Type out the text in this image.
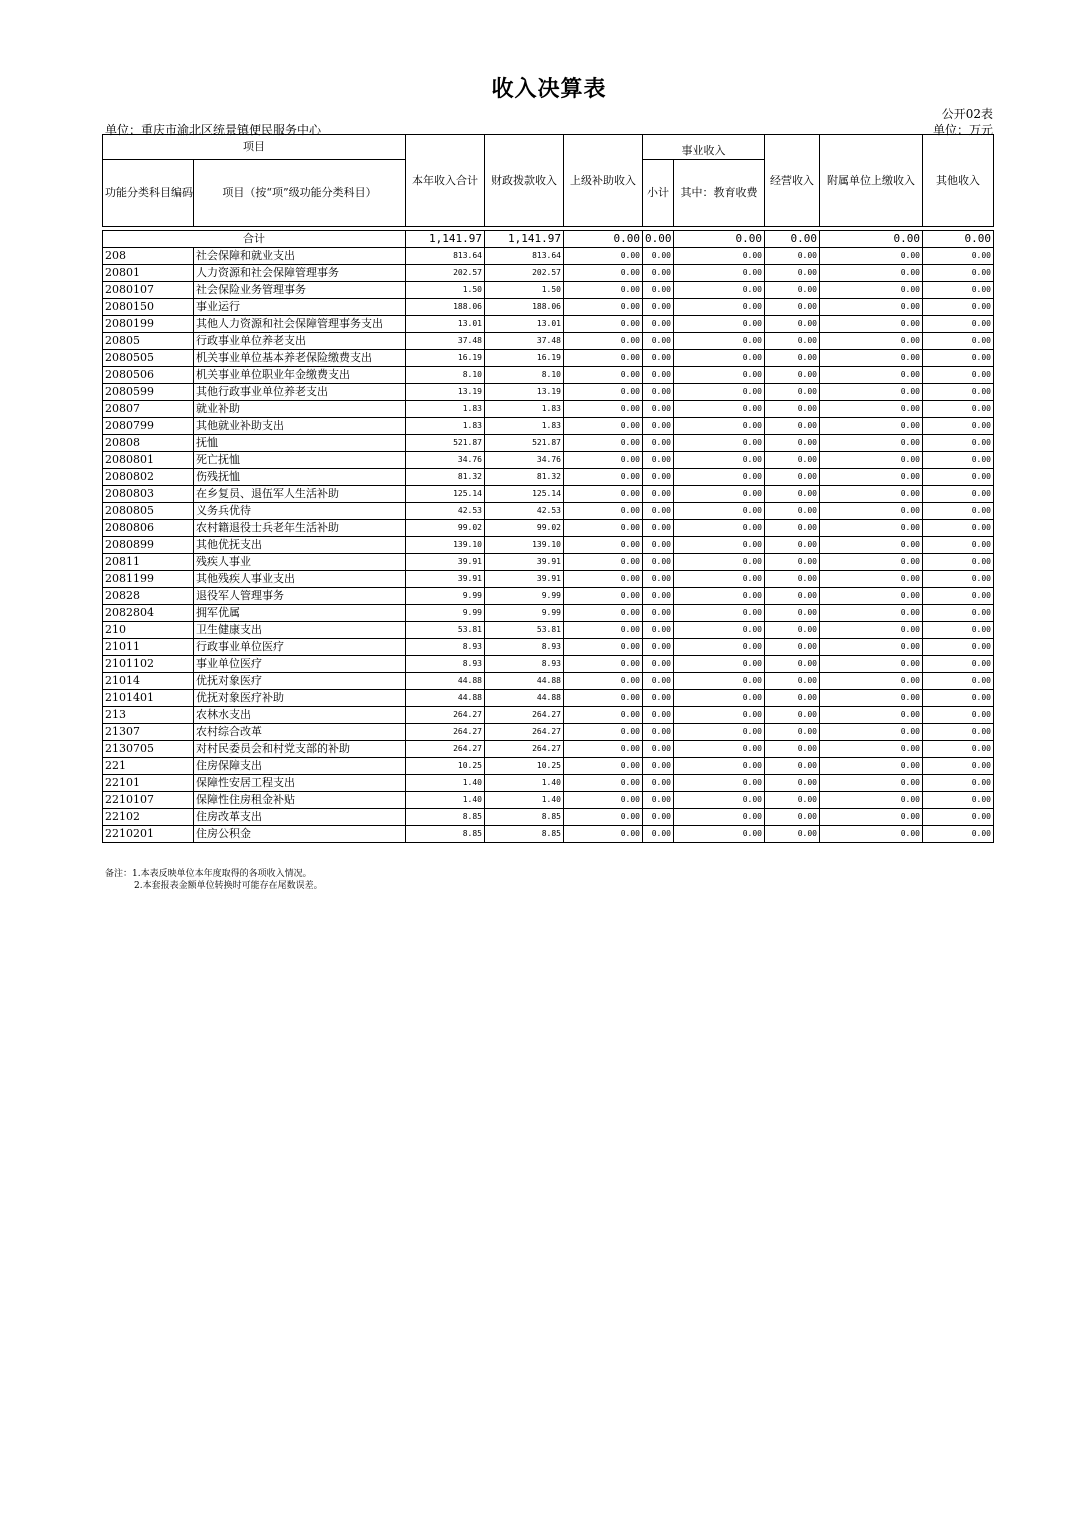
收入决算表
公开02表
单位：重庆市渝北区统景镇便民服务中心	单位：万元
项目		本年收入合计	财政拨款收入	上级补助收入	事业收入		经营收入	附属单位上缴收入	其他收入
功能分类科目编码	项目（按“项”级功能分类科目）				小计	其中：教育收费			

合计		1,141.97	1,141.97	0.00	0.00	0.00	0.00	0.00	0.00
208	社会保障和就业支出	813.64	813.64	0.00	0.00	0.00	0.00	0.00	0.00
20801	人力资源和社会保障管理事务	202.57	202.57	0.00	0.00	0.00	0.00	0.00	0.00
2080107	社会保险业务管理事务	1.50	1.50	0.00	0.00	0.00	0.00	0.00	0.00
2080150	事业运行	188.06	188.06	0.00	0.00	0.00	0.00	0.00	0.00
2080199	其他人力资源和社会保障管理事务支出	13.01	13.01	0.00	0.00	0.00	0.00	0.00	0.00
20805	行政事业单位养老支出	37.48	37.48	0.00	0.00	0.00	0.00	0.00	0.00
2080505	机关事业单位基本养老保险缴费支出	16.19	16.19	0.00	0.00	0.00	0.00	0.00	0.00
2080506	机关事业单位职业年金缴费支出	8.10	8.10	0.00	0.00	0.00	0.00	0.00	0.00
2080599	其他行政事业单位养老支出	13.19	13.19	0.00	0.00	0.00	0.00	0.00	0.00
20807	就业补助	1.83	1.83	0.00	0.00	0.00	0.00	0.00	0.00
2080799	其他就业补助支出	1.83	1.83	0.00	0.00	0.00	0.00	0.00	0.00
20808	抚恤	521.87	521.87	0.00	0.00	0.00	0.00	0.00	0.00
2080801	死亡抚恤	34.76	34.76	0.00	0.00	0.00	0.00	0.00	0.00
2080802	伤残抚恤	81.32	81.32	0.00	0.00	0.00	0.00	0.00	0.00
2080803	在乡复员、退伍军人生活补助	125.14	125.14	0.00	0.00	0.00	0.00	0.00	0.00
2080805	义务兵优待	42.53	42.53	0.00	0.00	0.00	0.00	0.00	0.00
2080806	农村籍退役士兵老年生活补助	99.02	99.02	0.00	0.00	0.00	0.00	0.00	0.00
2080899	其他优抚支出	139.10	139.10	0.00	0.00	0.00	0.00	0.00	0.00
20811	残疾人事业	39.91	39.91	0.00	0.00	0.00	0.00	0.00	0.00
2081199	其他残疾人事业支出	39.91	39.91	0.00	0.00	0.00	0.00	0.00	0.00
20828	退役军人管理事务	9.99	9.99	0.00	0.00	0.00	0.00	0.00	0.00
2082804	拥军优属	9.99	9.99	0.00	0.00	0.00	0.00	0.00	0.00
210	卫生健康支出	53.81	53.81	0.00	0.00	0.00	0.00	0.00	0.00
21011	行政事业单位医疗	8.93	8.93	0.00	0.00	0.00	0.00	0.00	0.00
2101102	事业单位医疗	8.93	8.93	0.00	0.00	0.00	0.00	0.00	0.00
21014	优抚对象医疗	44.88	44.88	0.00	0.00	0.00	0.00	0.00	0.00
2101401	优抚对象医疗补助	44.88	44.88	0.00	0.00	0.00	0.00	0.00	0.00
213	农林水支出	264.27	264.27	0.00	0.00	0.00	0.00	0.00	0.00
21307	农村综合改革	264.27	264.27	0.00	0.00	0.00	0.00	0.00	0.00
2130705	对村民委员会和村党支部的补助	264.27	264.27	0.00	0.00	0.00	0.00	0.00	0.00
221	住房保障支出	10.25	10.25	0.00	0.00	0.00	0.00	0.00	0.00
22101	保障性安居工程支出	1.40	1.40	0.00	0.00	0.00	0.00	0.00	0.00
2210107	保障性住房租金补贴	1.40	1.40	0.00	0.00	0.00	0.00	0.00	0.00
22102	住房改革支出	8.85	8.85	0.00	0.00	0.00	0.00	0.00	0.00
2210201	住房公积金	8.85	8.85	0.00	0.00	0.00	0.00	0.00	0.00
备注：1.本表反映单位本年度取得的各项收入情况。
2.本套报表金额单位转换时可能存在尾数误差。
